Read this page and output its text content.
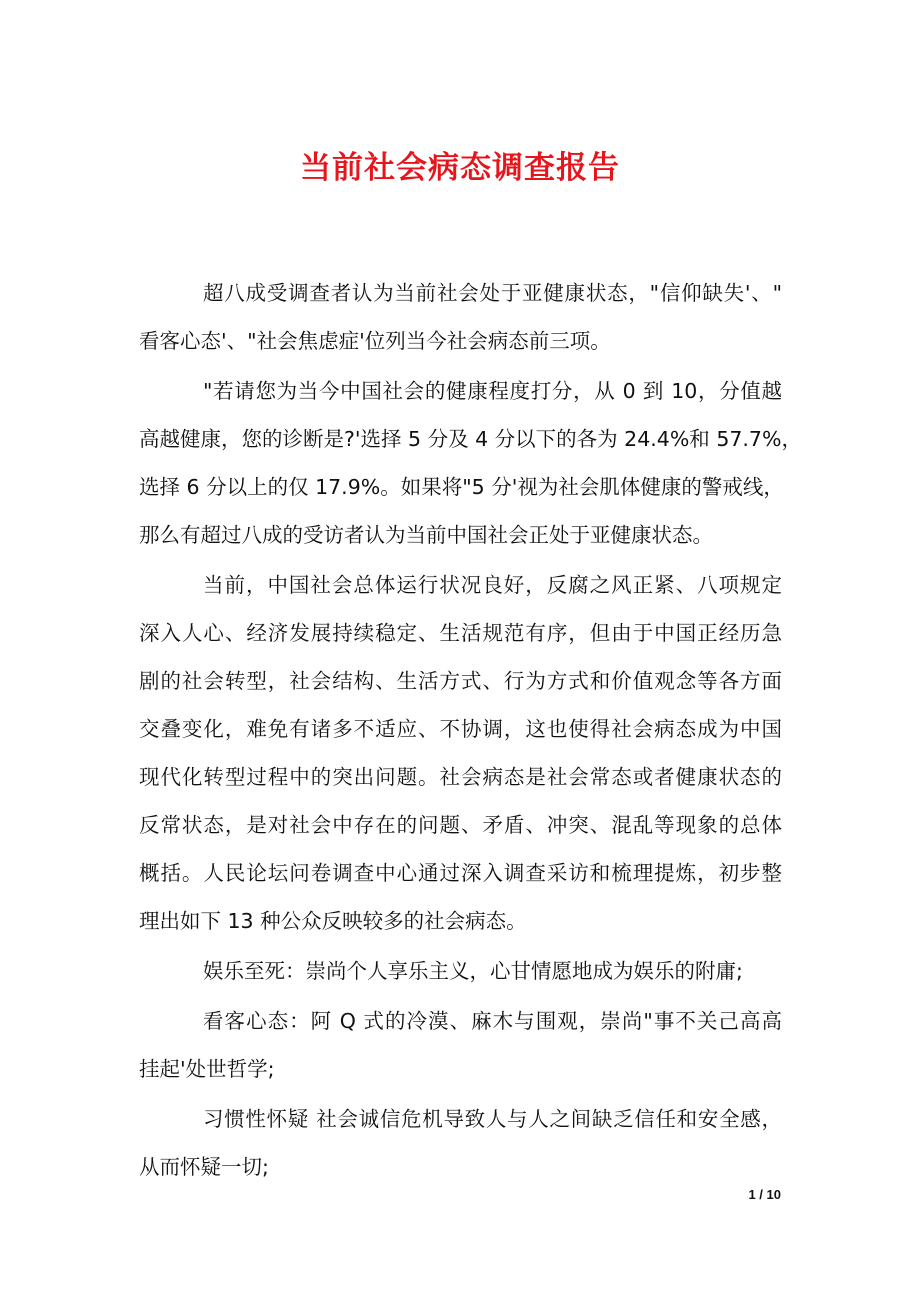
当前社会病态调查报告
超八成受调查者认为当前社会处于亚健康状态，"信仰缺失'、"
看客心态'、"社会焦虑症'位列当今社会病态前三项。
"若请您为当今中国社会的健康程度打分，从 0 到 10，分值越
高越健康，您的诊断是?'选择 5 分及 4 分以下的各为 24.4%和 57.7%，
选择 6 分以上的仅 17.9%。如果将"5 分'视为社会肌体健康的警戒线，
那么有超过八成的受访者认为当前中国社会正处于亚健康状态。
当前，中国社会总体运行状况良好，反腐之风正紧、八项规定
深入人心、经济发展持续稳定、生活规范有序，但由于中国正经历急
剧的社会转型，社会结构、生活方式、行为方式和价值观念等各方面
交叠变化，难免有诸多不适应、不协调，这也使得社会病态成为中国
现代化转型过程中的突出问题。社会病态是社会常态或者健康状态的
反常状态，是对社会中存在的问题、矛盾、冲突、混乱等现象的总体
概括。人民论坛问卷调查中心通过深入调查采访和梳理提炼，初步整
理出如下 13 种公众反映较多的社会病态。
娱乐至死：崇尚个人享乐主义，心甘情愿地成为娱乐的附庸;
看客心态：阿 Q 式的冷漠、麻木与围观，崇尚"事不关己高高
挂起'处世哲学;
习惯性怀疑 社会诚信危机导致人与人之间缺乏信任和安全感，
从而怀疑一切;
1 / 10
